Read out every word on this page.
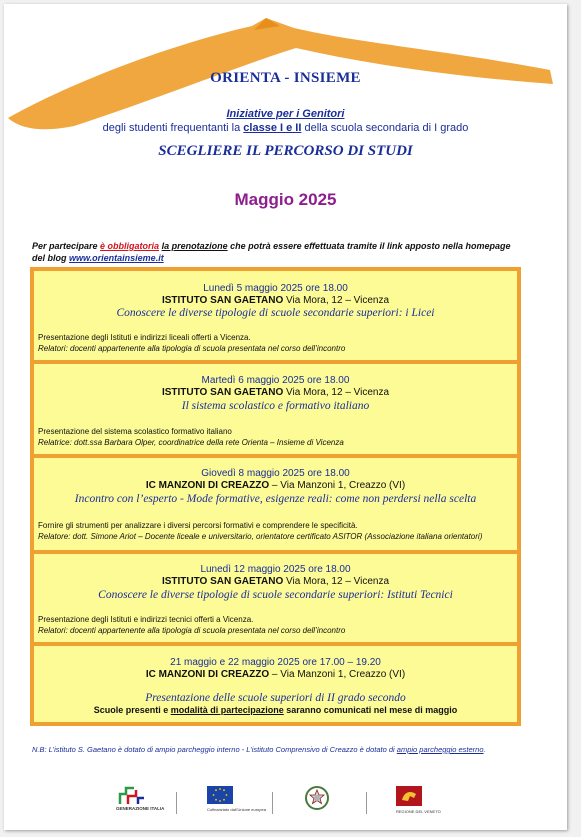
ORIENTA - INSIEME
Iniziative per i Genitori
degli studenti frequentanti la classe I e II della scuola secondaria di I grado
SCEGLIERE IL PERCORSO DI STUDI
Maggio 2025
Per partecipare è obbligatoria la prenotazione che potrà essere effettuata tramite il link apposto nella homepage del blog www.orientainsieme.it
Lunedì 5 maggio 2025 ore 18.00
ISTITUTO SAN GAETANO Via Mora, 12 – Vicenza
Conoscere le diverse tipologie di scuole secondarie superiori: i Licei
Presentazione degli Istituti e indirizzi liceali offerti a Vicenza.
Relatori: docenti appartenente alla tipologia di scuola presentata nel corso dell’incontro
Martedì 6 maggio 2025 ore 18.00
ISTITUTO SAN GAETANO Via Mora, 12 – Vicenza
Il sistema scolastico e formativo italiano
Presentazione del sistema scolastico formativo italiano
Relatrice: dott.ssa Barbara Olper, coordinatrice della rete Orienta – Insieme di Vicenza
Giovedì 8 maggio 2025 ore 18.00
IC MANZONI DI CREAZZO – Via Manzoni 1, Creazzo (VI)
Incontro con l’esperto - Mode formative, esigenze reali: come non perdersi nella scelta
Fornire gli strumenti per analizzare i diversi percorsi formativi e comprendere le specificità.
Relatore: dott. Simone Ariot – Docente liceale e universitario, orientatore certificato ASITOR (Associazione italiana orientatori)
Lunedì 12 maggio 2025 ore 18.00
ISTITUTO SAN GAETANO Via Mora, 12 – Vicenza
Conoscere le diverse tipologie di scuole secondarie superiori: Istituti Tecnici
Presentazione degli Istituti e indirizzi tecnici offerti a Vicenza.
Relatori: docenti appartenente alla tipologia di scuola presentata nel corso dell’incontro
21 maggio e 22 maggio 2025 ore 17.00 – 19.20
IC MANZONI DI CREAZZO – Via Manzoni 1, Creazzo (VI)
Presentazione delle scuole superiori di II grado secondo
Scuole presenti e modalità di partecipazione saranno comunicati nel mese di maggio
N.B: L’istituto S. Gaetano è dotato di ampio parcheggio interno - L’istituto Comprensivo di Creazzo è dotato di ampio parcheggio esterno.
GENERAZIONE ITALIA	Cofinanziato dall’Unione europea	REGIONE DEL VENETO
